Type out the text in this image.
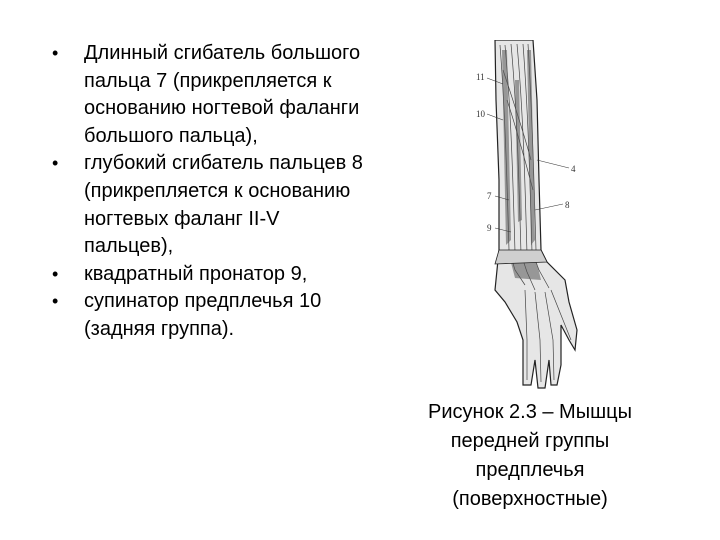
• Длинный сгибатель большого пальца 7 (прикрепляется к основанию ногтевой фаланги большого пальца),
• глубокий сгибатель пальцев 8 (прикрепляется к основанию ногтевых фаланг II-V пальцев),
• квадратный пронатор 9,
• супинатор предплечья 10 (задняя группа).
11
10
4
7
8
9
Рисунок 2.3 – Мышцы
передней группы
предплечья
(поверхностные)
